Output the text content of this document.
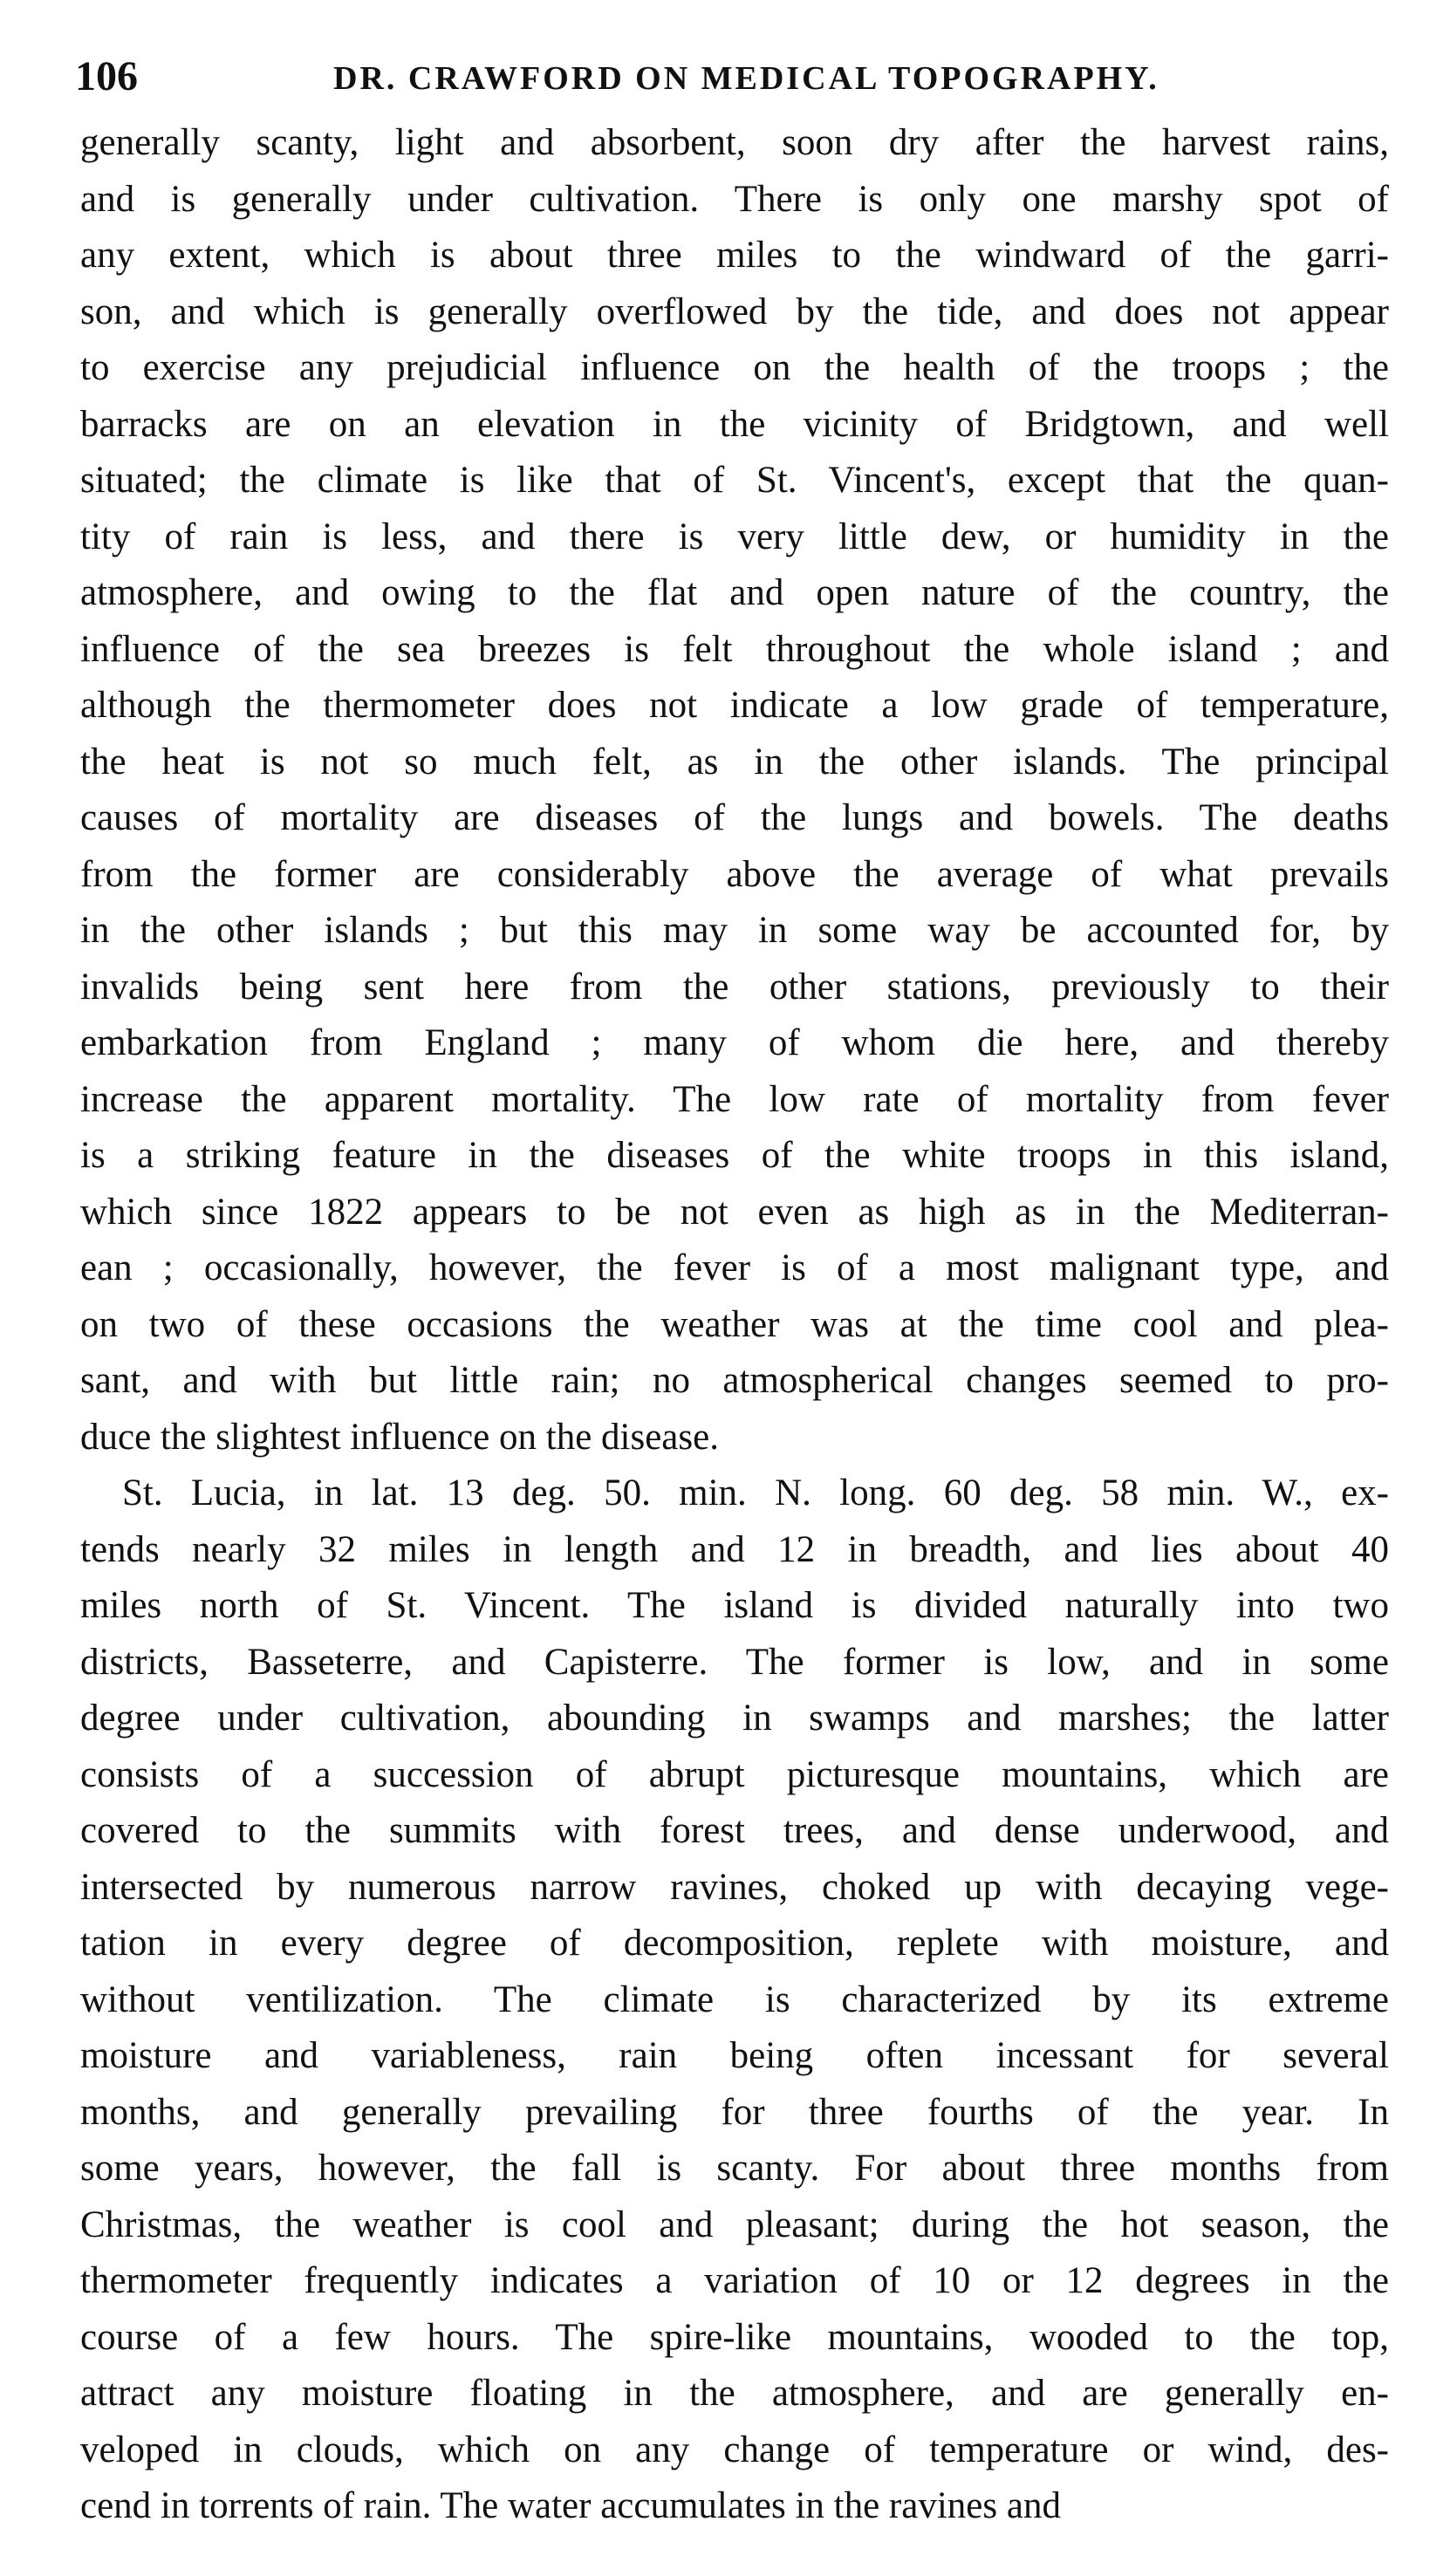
106	DR. CRAWFORD ON MEDICAL TOPOGRAPHY.
generally scanty, light and absorbent, soon dry after the harvest rains,
and is generally under cultivation. There is only one marshy spot of
any extent, which is about three miles to the windward of the garri-
son, and which is generally overflowed by the tide, and does not appear
to exercise any prejudicial influence on the health of the troops ; the
barracks are on an elevation in the vicinity of Bridgtown, and well
situated; the climate is like that of St. Vincent's, except that the quan-
tity of rain is less, and there is very little dew, or humidity in the
atmosphere, and owing to the flat and open nature of the country, the
influence of the sea breezes is felt throughout the whole island ; and
although the thermometer does not indicate a low grade of temperature,
the heat is not so much felt, as in the other islands. The principal
causes of mortality are diseases of the lungs and bowels. The deaths
from the former are considerably above the average of what prevails
in the other islands ; but this may in some way be accounted for, by
invalids being sent here from the other stations, previously to their
embarkation from England ; many of whom die here, and thereby
increase the apparent mortality. The low rate of mortality from fever
is a striking feature in the diseases of the white troops in this island,
which since 1822 appears to be not even as high as in the Mediterran-
ean ; occasionally, however, the fever is of a most malignant type, and
on two of these occasions the weather was at the time cool and plea-
sant, and with but little rain; no atmospherical changes seemed to pro-
duce the slightest influence on the disease.
St. Lucia, in lat. 13 deg. 50. min. N. long. 60 deg. 58 min. W., ex-
tends nearly 32 miles in length and 12 in breadth, and lies about 40
miles north of St. Vincent. The island is divided naturally into two
districts, Basseterre, and Capisterre. The former is low, and in some
degree under cultivation, abounding in swamps and marshes; the latter
consists of a succession of abrupt picturesque mountains, which are
covered to the summits with forest trees, and dense underwood, and
intersected by numerous narrow ravines, choked up with decaying vege-
tation in every degree of decomposition, replete with moisture, and
without ventilization. The climate is characterized by its extreme
moisture and variableness, rain being often incessant for several
months, and generally prevailing for three fourths of the year. In
some years, however, the fall is scanty. For about three months from
Christmas, the weather is cool and pleasant; during the hot season, the
thermometer frequently indicates a variation of 10 or 12 degrees in the
course of a few hours. The spire-like mountains, wooded to the top,
attract any moisture floating in the atmosphere, and are generally en-
veloped in clouds, which on any change of temperature or wind, des-
cend in torrents of rain. The water accumulates in the ravines and
